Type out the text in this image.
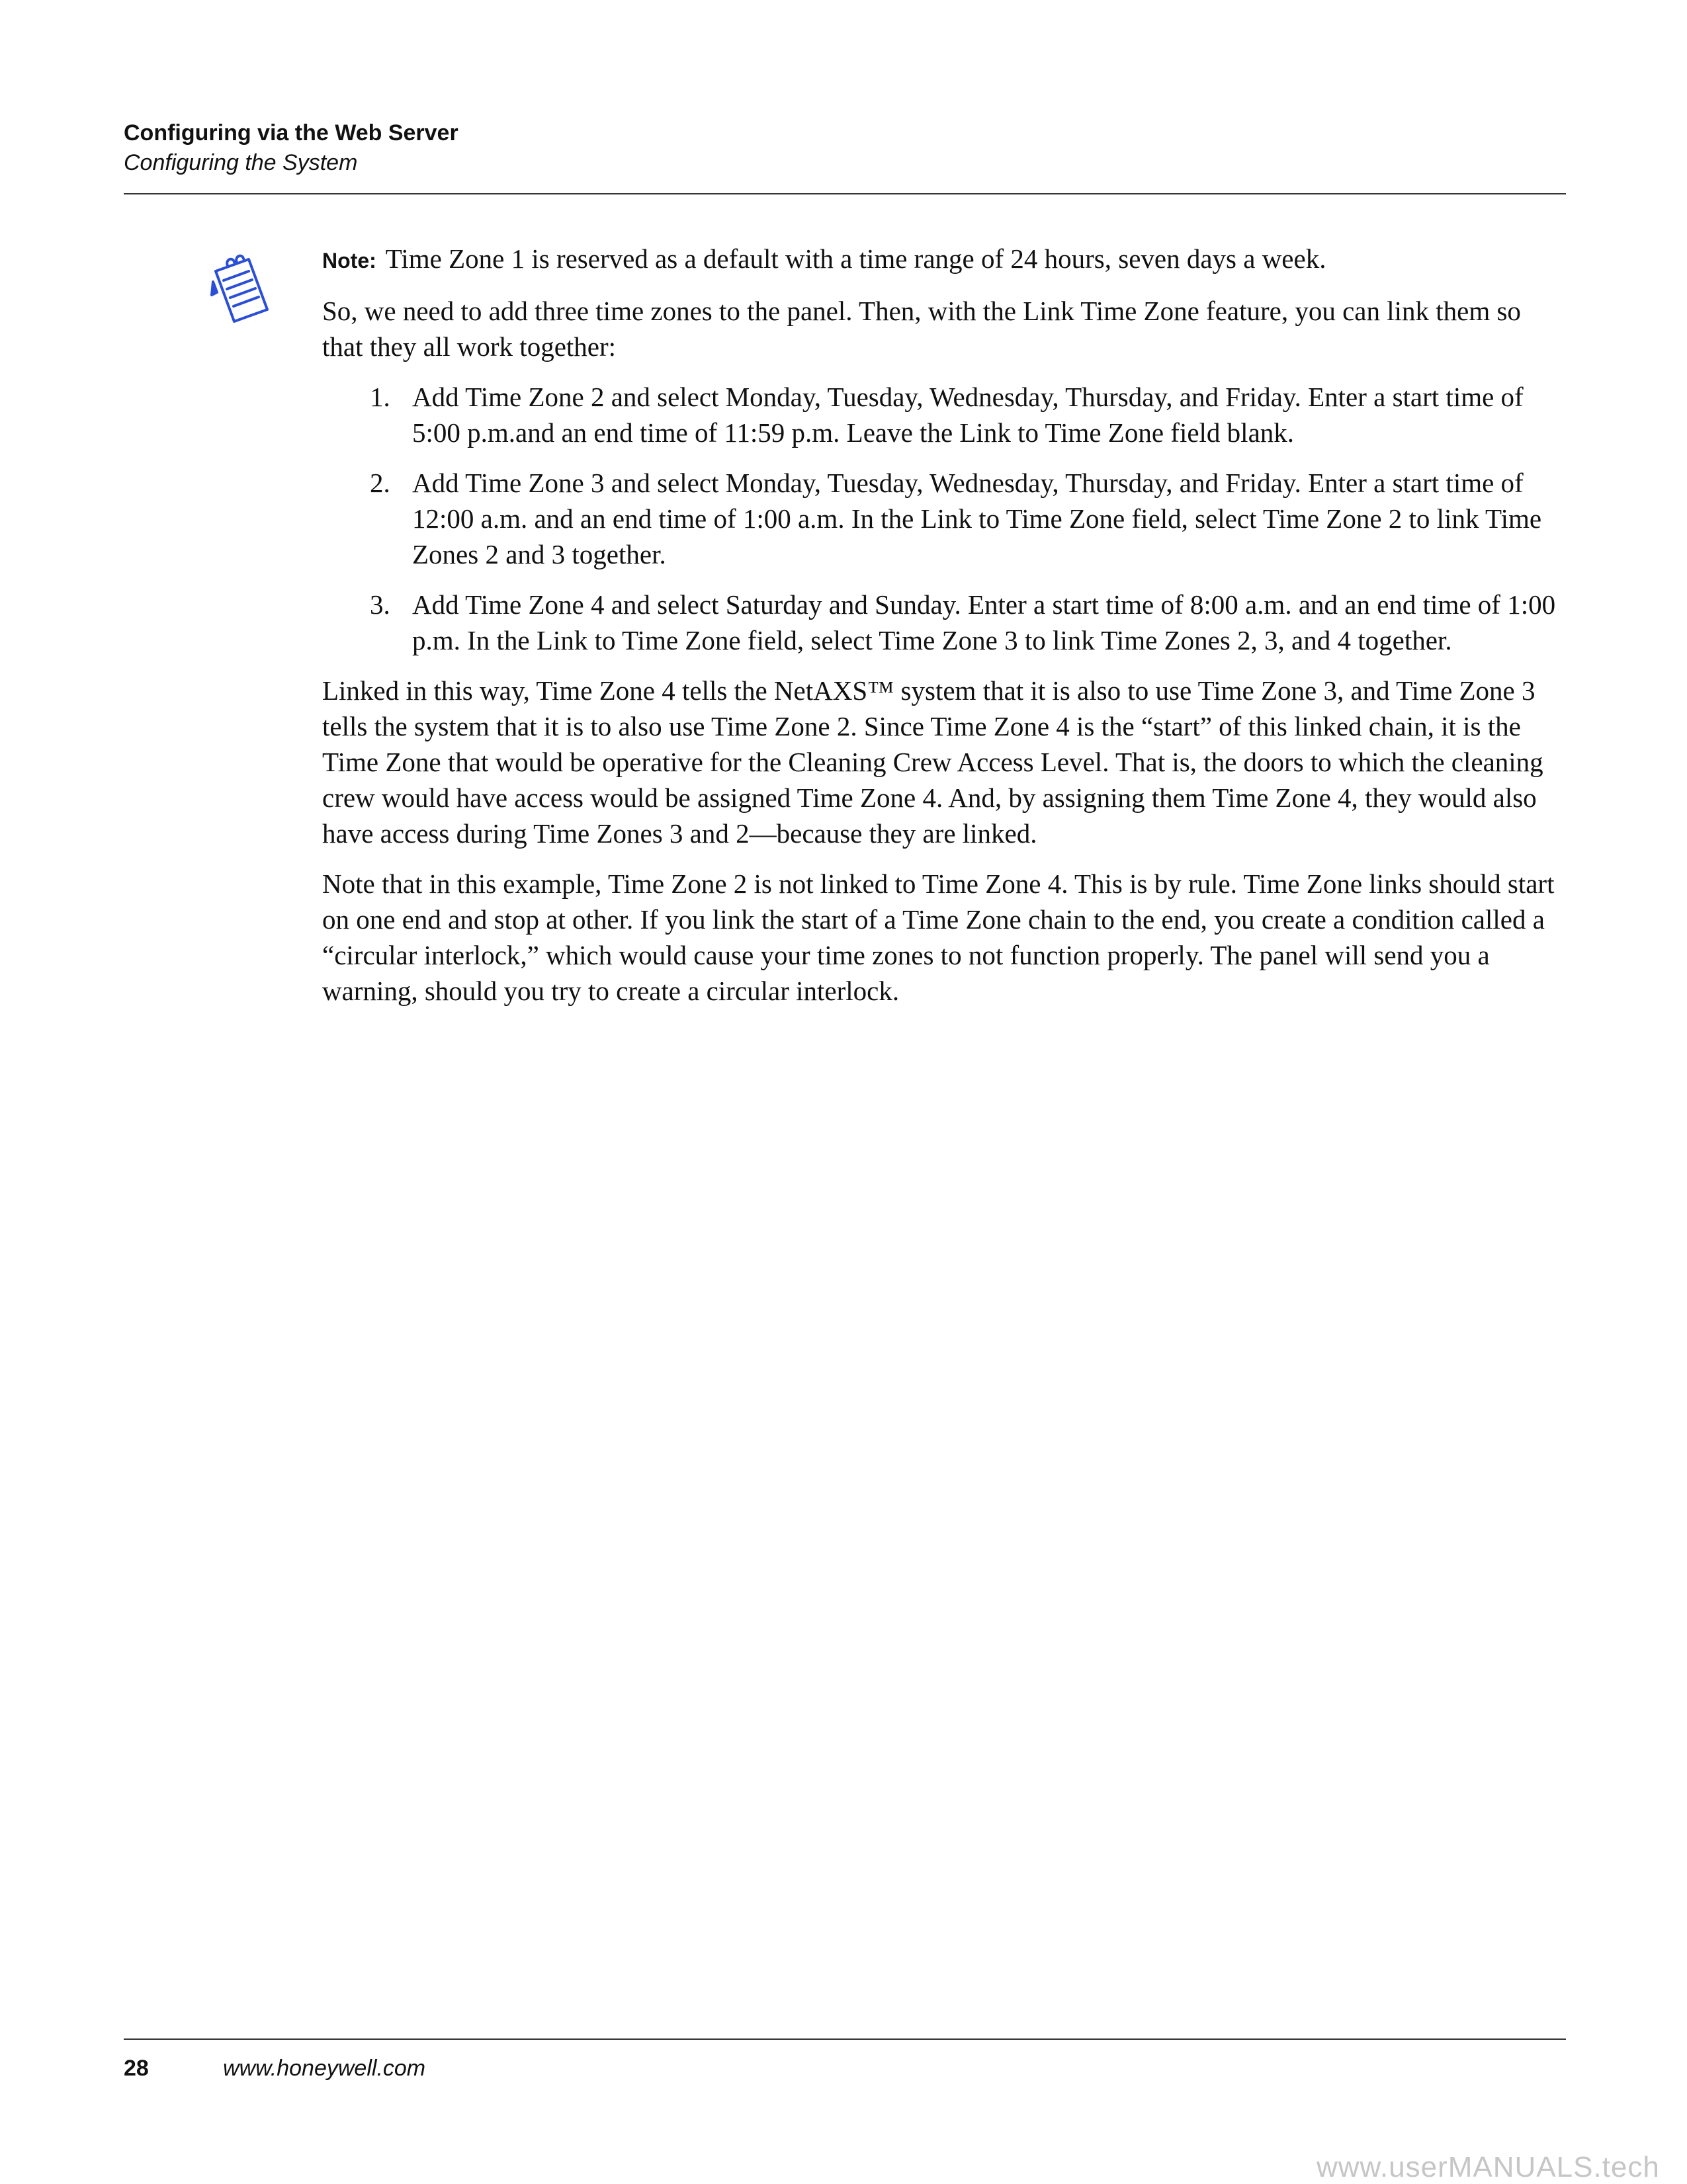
Configuring via the Web Server
Configuring the System

Note: Time Zone 1 is reserved as a default with a time range of 24 hours, seven days a week.

So, we need to add three time zones to the panel. Then, with the Link Time Zone feature, you can link them so that they all work together:

1. Add Time Zone 2 and select Monday, Tuesday, Wednesday, Thursday, and Friday. Enter a start time of 5:00 p.m.and an end time of 11:59 p.m. Leave the Link to Time Zone field blank.
2. Add Time Zone 3 and select Monday, Tuesday, Wednesday, Thursday, and Friday. Enter a start time of 12:00 a.m. and an end time of 1:00 a.m. In the Link to Time Zone field, select Time Zone 2 to link Time Zones 2 and 3 together.
3. Add Time Zone 4 and select Saturday and Sunday. Enter a start time of 8:00 a.m. and an end time of 1:00 p.m. In the Link to Time Zone field, select Time Zone 3 to link Time Zones 2, 3, and 4 together.

Linked in this way, Time Zone 4 tells the NetAXS™ system that it is also to use Time Zone 3, and Time Zone 3 tells the system that it is to also use Time Zone 2. Since Time Zone 4 is the “start” of this linked chain, it is the Time Zone that would be operative for the Cleaning Crew Access Level. That is, the doors to which the cleaning crew would have access would be assigned Time Zone 4. And, by assigning them Time Zone 4, they would also have access during Time Zones 3 and 2—because they are linked.

Note that in this example, Time Zone 2 is not linked to Time Zone 4. This is by rule. Time Zone links should start on one end and stop at other. If you link the start of a Time Zone chain to the end, you create a condition called a “circular interlock,” which would cause your time zones to not function properly. The panel will send you a warning, should you try to create a circular interlock.

28	www.honeywell.com
www.userMANUALS.tech
